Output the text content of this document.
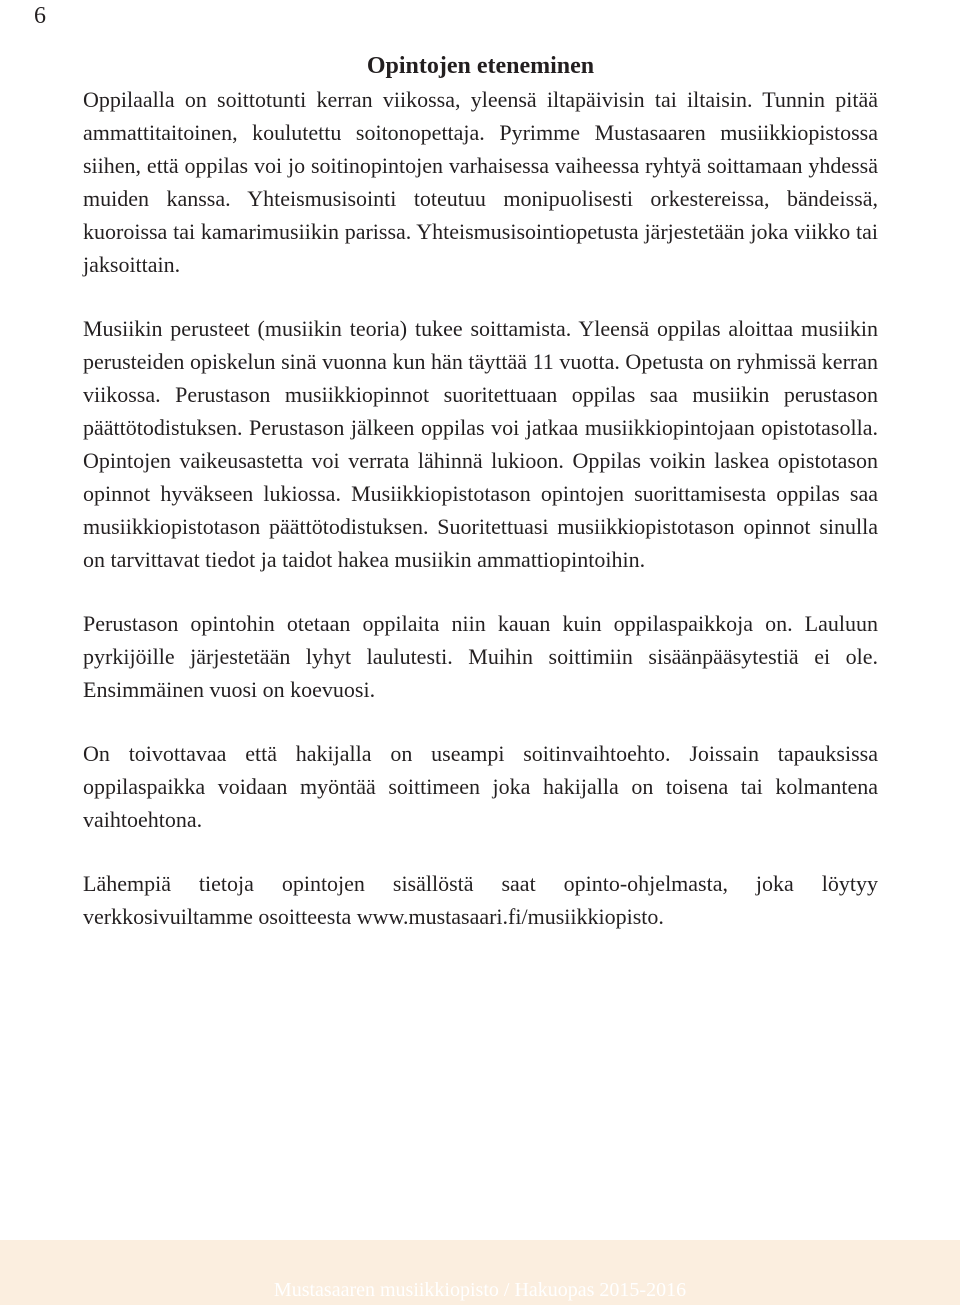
6
Opintojen eteneminen

Oppilaalla on soittotunti kerran viikossa, yleensä iltapäivisin tai iltaisin. Tunnin pitää ammattitaitoinen, koulutettu soitonopettaja. Pyrimme Mustasaaren musiikkiopistossa siihen, että oppilas voi jo soitinopintojen varhaisessa vaiheessa ryhtyä soittamaan yhdessä muiden kanssa. Yhteismusisointi toteutuu monipuolisesti orkestereissa, bändeissä, kuoroissa tai kamarimusiikin parissa. Yhteismusisointiopetusta järjestetään joka viikko tai jaksoittain.

Musiikin perusteet (musiikin teoria) tukee soittamista. Yleensä oppilas aloittaa musiikin perusteiden opiskelun sinä vuonna kun hän täyttää 11 vuotta. Opetusta on ryhmissä kerran viikossa. Perustason musiikkiopinnot suoritettuaan oppilas saa musiikin perustason päättötodistuksen. Perustason jälkeen oppilas voi jatkaa musiikkiopintojaan opistotasolla. Opintojen vaikeusastetta voi verrata lähinnä lukioon. Oppilas voikin laskea opistotason opinnot hyväkseen lukiossa. Musiikkiopistotason opintojen suorittamisesta oppilas saa musiikkiopistotason päättötodistuksen. Suoritettuasi musiikkiopistotason opinnot sinulla on tarvittavat tiedot ja taidot hakea musiikin ammattiopintoihin.

Perustason opintohin otetaan oppilaita niin kauan kuin oppilaspaikkoja on. Lauluun pyrkijöille järjestetään lyhyt laulutesti. Muihin soittimiin sisäänpääsytestiä ei ole. Ensimmäinen vuosi on koevuosi.

On toivottavaa että hakijalla on useampi soitinvaihtoehto. Joissain tapauksissa oppilaspaikka voidaan myöntää soittimeen joka hakijalla on toisena tai kolmantena vaihtoehtona.

Lähempiä tietoja opintojen sisällöstä saat opinto-ohjelmasta, joka löytyy verkkosivuiltamme osoitteesta www.mustasaari.fi/musiikkiopisto.

Mustasaaren musiikkiopisto / Hakuopas 2015-2016
